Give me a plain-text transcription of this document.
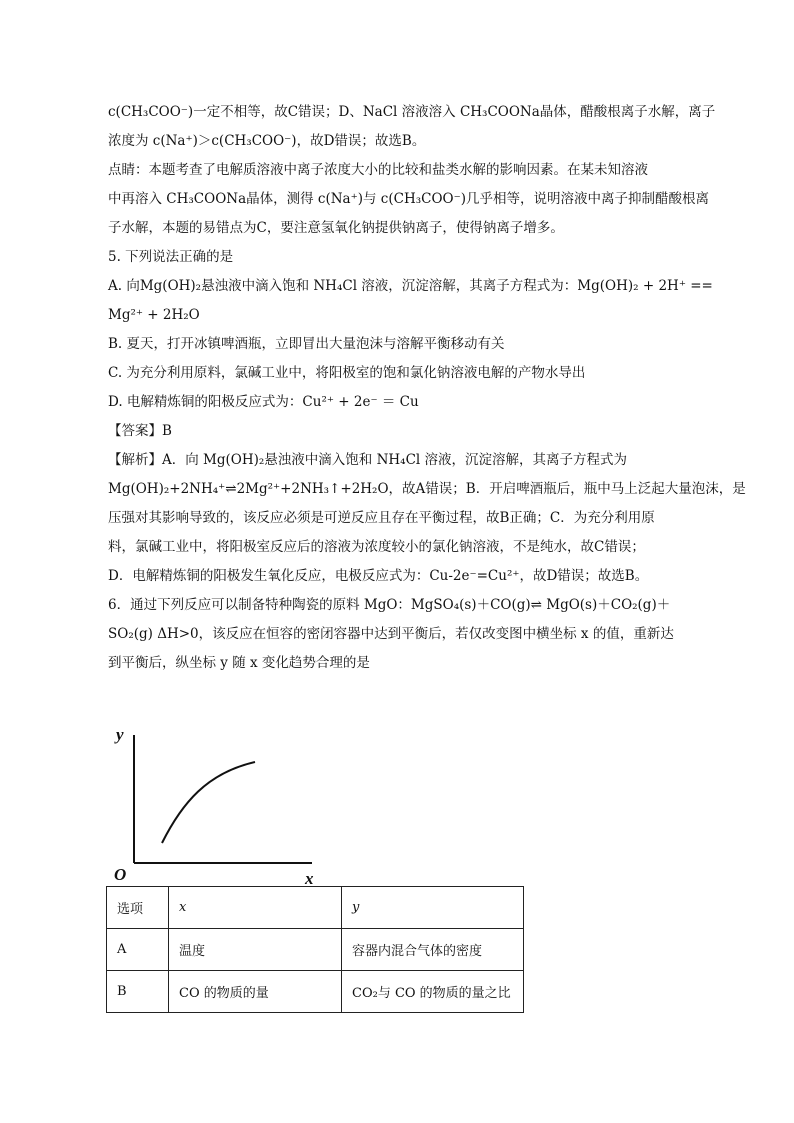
c(CH₃COO⁻)一定不相等，故C错误；D、NaCl 溶液溶入 CH₃COONa晶体，醋酸根离子水解，离子
浓度为 c(Na⁺)＞c(CH₃COO⁻)，故D错误；故选B。
点睛：本题考查了电解质溶液中离子浓度大小的比较和盐类水解的影响因素。在某未知溶液
中再溶入 CH₃COONa晶体，测得 c(Na⁺)与 c(CH₃COO⁻)几乎相等，说明溶液中离子抑制醋酸根离
子水解，本题的易错点为C，要注意氢氧化钠提供钠离子，使得钠离子增多。
5. 下列说法正确的是
A. 向Mg(OH)₂悬浊液中滴入饱和 NH₄Cl 溶液，沉淀溶解，其离子方程式为：Mg(OH)₂ + 2H⁺ ==
Mg²⁺ + 2H₂O
B. 夏天，打开冰镇啤酒瓶，立即冒出大量泡沫与溶解平衡移动有关
C. 为充分利用原料，氯碱工业中，将阳极室的饱和氯化钠溶液电解的产物水导出
D. 电解精炼铜的阳极反应式为：Cu²⁺ + 2e⁻ ＝ Cu
【答案】B
【解析】A．向 Mg(OH)₂悬浊液中滴入饱和 NH₄Cl 溶液，沉淀溶解，其离子方程式为
Mg(OH)₂+2NH₄⁺⇌2Mg²⁺+2NH₃↑+2H₂O，故A错误；B．开启啤酒瓶后，瓶中马上泛起大量泡沫，是
压强对其影响导致的，该反应必须是可逆反应且存在平衡过程，故B正确；C．为充分利用原
料，氯碱工业中，将阳极室反应后的溶液为浓度较小的氯化钠溶液，不是纯水，故C错误；
D．电解精炼铜的阳极发生氧化反应，电极反应式为：Cu-2e⁻=Cu²⁺，故D错误；故选B。
6．通过下列反应可以制备特种陶瓷的原料 MgO：MgSO₄(s)＋CO(g)⇌ MgO(s)＋CO₂(g)＋
SO₂(g) ΔH>0，该反应在恒容的密闭容器中达到平衡后，若仅改变图中横坐标 x 的值，重新达
到平衡后，纵坐标 y 随 x 变化趋势合理的是
y
O	x
选项	x	y
A	温度	容器内混合气体的密度
B	CO 的物质的量	CO₂与 CO 的物质的量之比
